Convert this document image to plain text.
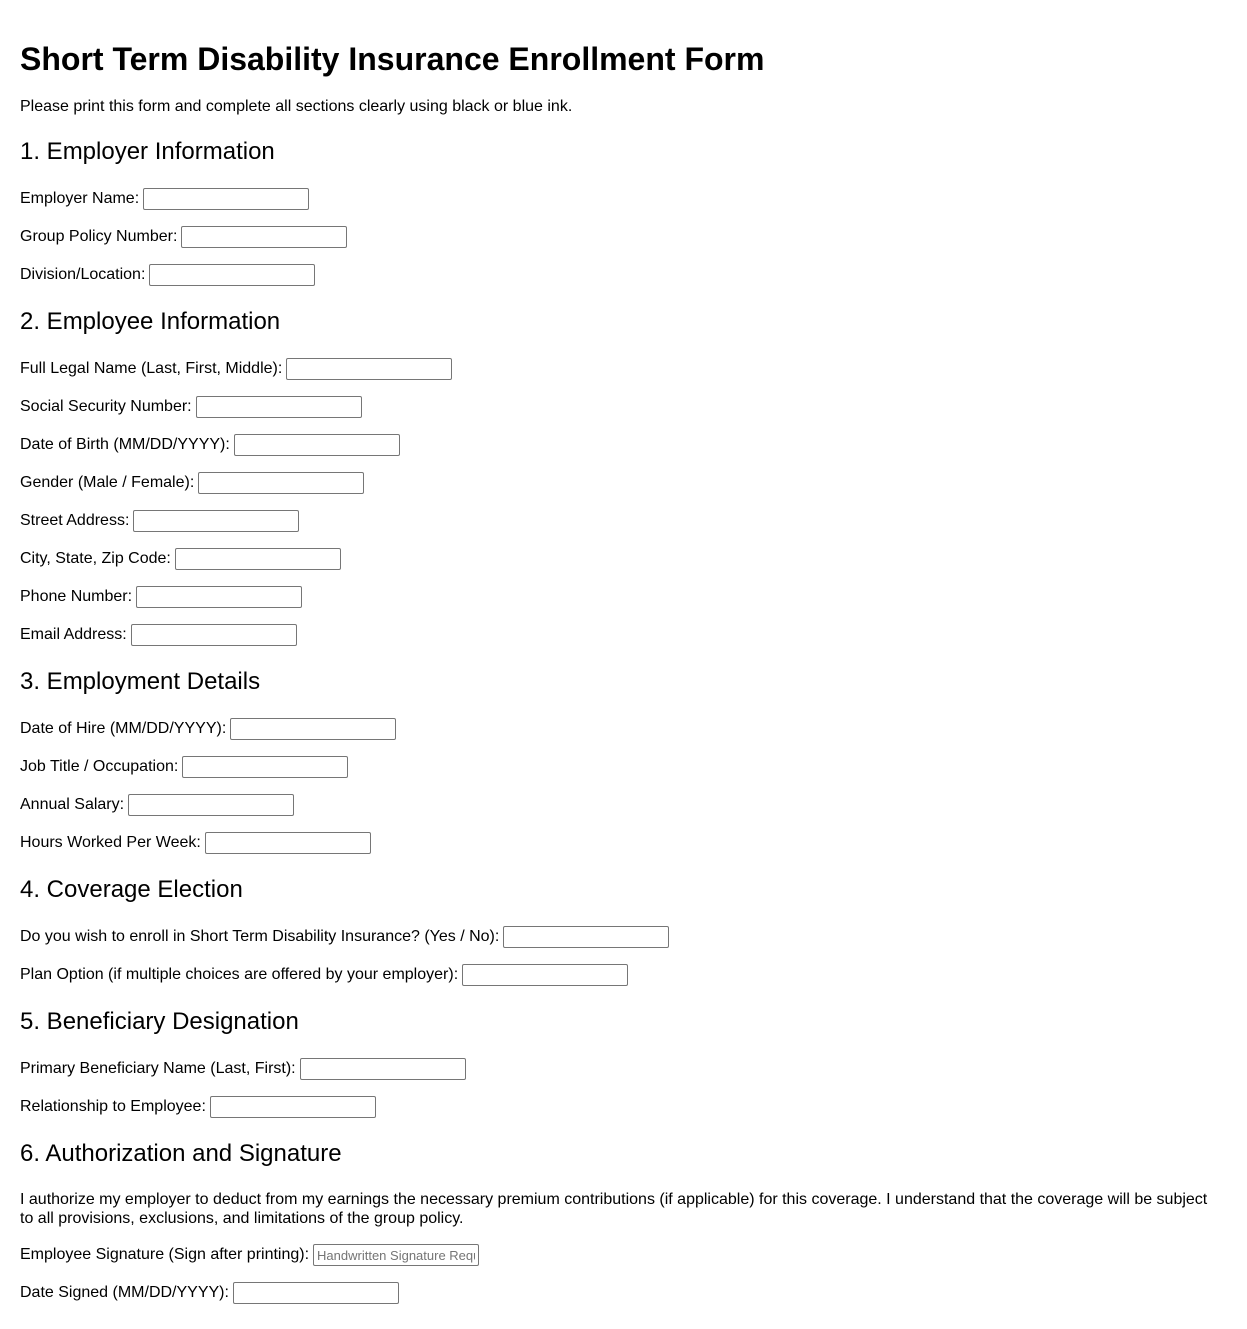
Short Term Disability Insurance Enrollment Form

Please print this form and complete all sections clearly using black or blue ink.

1. Employer Information
Employer Name:
Group Policy Number:
Division/Location:
2. Employee Information
Full Legal Name (Last, First, Middle):
Social Security Number:
Date of Birth (MM/DD/YYYY):
Gender (Male / Female):
Street Address:
City, State, Zip Code:
Phone Number:
Email Address:
3. Employment Details
Date of Hire (MM/DD/YYYY):
Job Title / Occupation:
Annual Salary:
Hours Worked Per Week:
4. Coverage Election
Do you wish to enroll in Short Term Disability Insurance? (Yes / No):
Plan Option (if multiple choices are offered by your employer):
5. Beneficiary Designation
Primary Beneficiary Name (Last, First):
Relationship to Employee:
6. Authorization and Signature

I authorize my employer to deduct from my earnings the necessary premium contributions (if applicable) for this coverage. I understand that the coverage will be subject to all provisions, exclusions, and limitations of the group policy.

Employee Signature (Sign after printing):
Handwritten Signature Required
Date Signed (MM/DD/YYYY):
